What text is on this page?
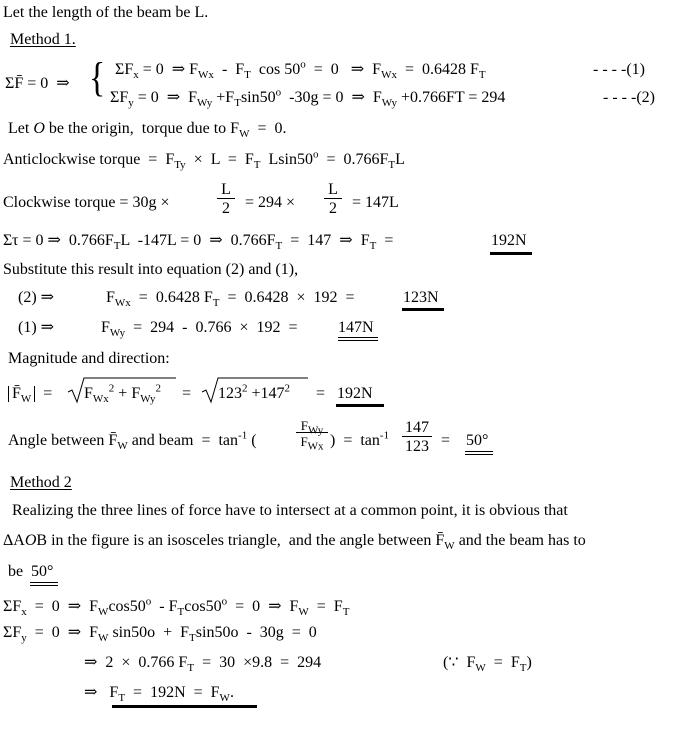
Let the length of the beam be L.
Method 1.
ΣF̄ = 0  ⇒ { $\Sigma F_x = 0$  ⇒ $F_{Wx} - F_T$  cos 50$^o$  =  0   ⇒  $F_{Wx} = 0.6428$ $F_T$	- - - -(1)
$\Sigma F_y = 0$  ⇒  $F_{Wy} +F_T\sin 50^o$  -30g = 0  ⇒  $F_{Wy} +0.766FT = 294$	- - - -(2)
Let O be the origin,  torque due to $F_W = 0$.
Anticlockwise torque  =  $F_{Ty} \times L = F_T$  $Lsin50^o = 0.766F_TL$
Clockwise torque = 30g ×	$\frac{L}{2} = 294 \times \frac{L}{2} = 147L$
Στ = 0 ⇒  $0.766F_TL$  -147L = 0  ⇒  $0.766F_T = 147$  ⇒  $F_T$  =	192N
Substitute this result into equation (2) and (1),
(2) ⇒	$F_{Wx} = 0.6428$ $F_T = 0.6428 \times 192$  =	123N
(1) ⇒	$F_{Wy} = 294 - 0.766 \times 192 = 147N$
Magnitude and direction:
$F̄_W = F_{Wx}^2 + F_{Wy}^2 = 123^2 +147^2 = 192N$
Angle between $F̄_W$ and beam  =  $\tan^{-1}$ (
$F_{Wy}$
$F_{Wx}$ )  =  $\tan^{-1} \frac{147}{123} = 50^\circ$
Method 2
Realizing the three lines of force have to intersect at a common point, it is obvious that
ΔAOB in the figure is an isosceles triangle,  and the angle between $F̄_W$ and the beam has to
be 50°
$\Sigma F_x = 0$  ⇒  $F_W\cos 50^o - F_T\cos 50^o = 0$  ⇒  $F_W = F_T$
$\Sigma F_y = 0$  ⇒  $F_W$ $\sin 50o + F_T\sin 50o - 30g = 0$
⇒  2  ×  0.766 $F_T = 30 \times 9.8 = 294$	(∵  $F_W = F_T$)
⇒   $F_T = 192N = F_W$.
